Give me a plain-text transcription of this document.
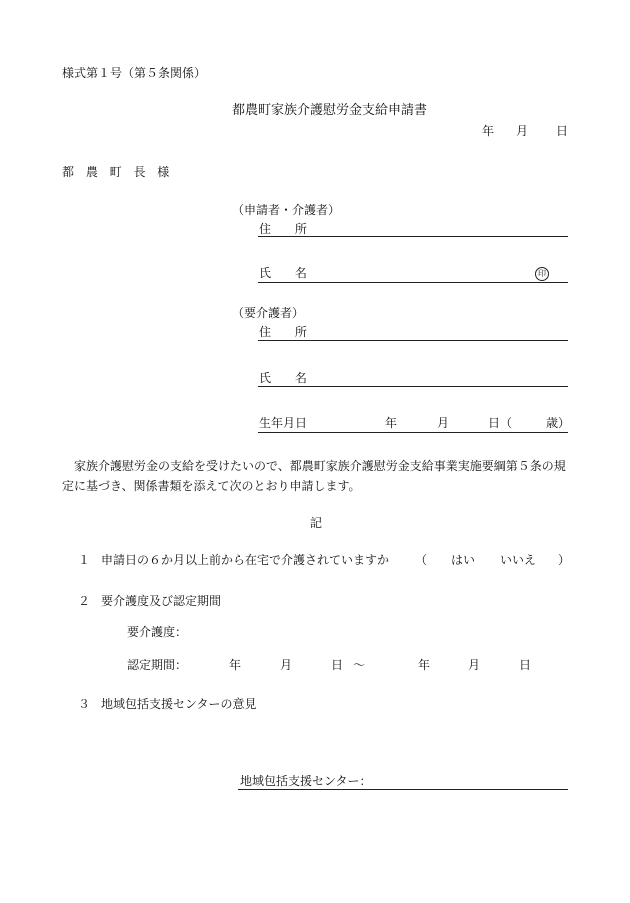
様式第１号（第５条関係）
都農町家族介護慰労金支給申請書
年 月 日
都 農 町 長 様
（申請者・介護者）
住 所
氏 名	印
（要介護者）
住 所
氏 名
生年月日	年	月	日（	歳）
家族介護慰労金の支給を受けたいので、都農町家族介護慰労金支給事業実施要綱第５条の規定に基づき、関係書類を添えて次のとおり申請します。
記
１ 申請日の６か月以上前から在宅で介護されていますか （ はい いいえ ）
２ 要介護度及び認定期間
要介護度：
認定期間：	年	月	日 ～	年	月	日
３ 地域包括支援センターの意見
地域包括支援センター：
